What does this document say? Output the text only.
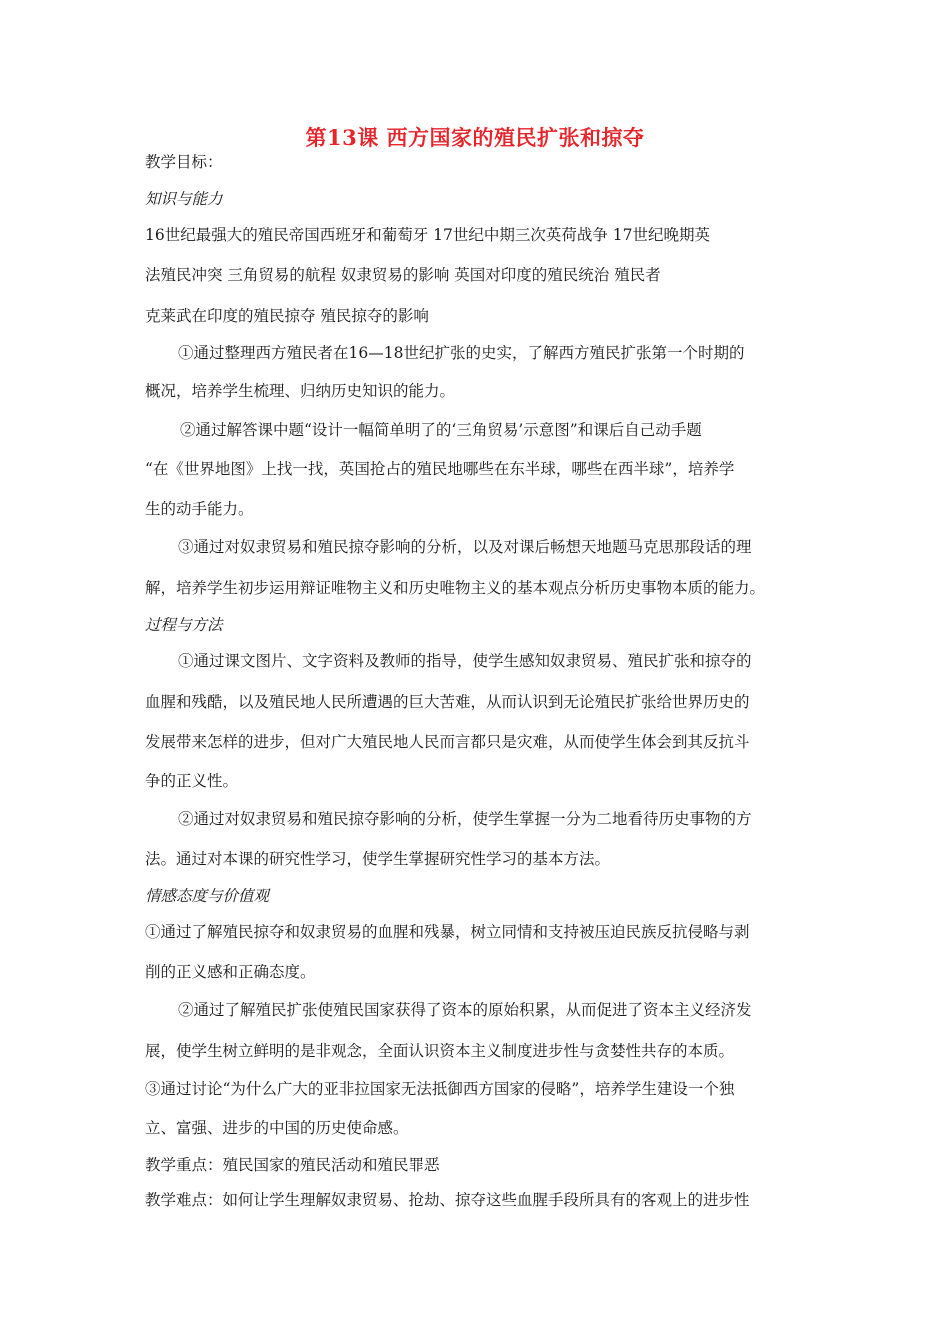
第13课 西方国家的殖民扩张和掠夺
教学目标：
知识与能力
16世纪最强大的殖民帝国西班牙和葡萄牙 17世纪中期三次英荷战争 17世纪晚期英
法殖民冲突 三角贸易的航程 奴隶贸易的影响 英国对印度的殖民统治 殖民者
克莱武在印度的殖民掠夺 殖民掠夺的影响
①通过整理西方殖民者在16—18世纪扩张的史实，了解西方殖民扩张第一个时期的
概况，培养学生梳理、归纳历史知识的能力。
②通过解答课中题“设计一幅简单明了的‘三角贸易’示意图”和课后自己动手题
“在《世界地图》上找一找，英国抢占的殖民地哪些在东半球，哪些在西半球”，培养学
生的动手能力。
③通过对奴隶贸易和殖民掠夺影响的分析，以及对课后畅想天地题马克思那段话的理
解，培养学生初步运用辩证唯物主义和历史唯物主义的基本观点分析历史事物本质的能力。
过程与方法
①通过课文图片、文字资料及教师的指导，使学生感知奴隶贸易、殖民扩张和掠夺的
血腥和残酷，以及殖民地人民所遭遇的巨大苦难，从而认识到无论殖民扩张给世界历史的
发展带来怎样的进步，但对广大殖民地人民而言都只是灾难，从而使学生体会到其反抗斗
争的正义性。
②通过对奴隶贸易和殖民掠夺影响的分析，使学生掌握一分为二地看待历史事物的方
法。通过对本课的研究性学习，使学生掌握研究性学习的基本方法。
情感态度与价值观
①通过了解殖民掠夺和奴隶贸易的血腥和残暴，树立同情和支持被压迫民族反抗侵略与剥
削的正义感和正确态度。
②通过了解殖民扩张使殖民国家获得了资本的原始积累，从而促进了资本主义经济发
展，使学生树立鲜明的是非观念，全面认识资本主义制度进步性与贪婪性共存的本质。
③通过讨论“为什么广大的亚非拉国家无法抵御西方国家的侵略”，培养学生建设一个独
立、富强、进步的中国的历史使命感。
教学重点：殖民国家的殖民活动和殖民罪恶
教学难点：如何让学生理解奴隶贸易、抢劫、掠夺这些血腥手段所具有的客观上的进步性
